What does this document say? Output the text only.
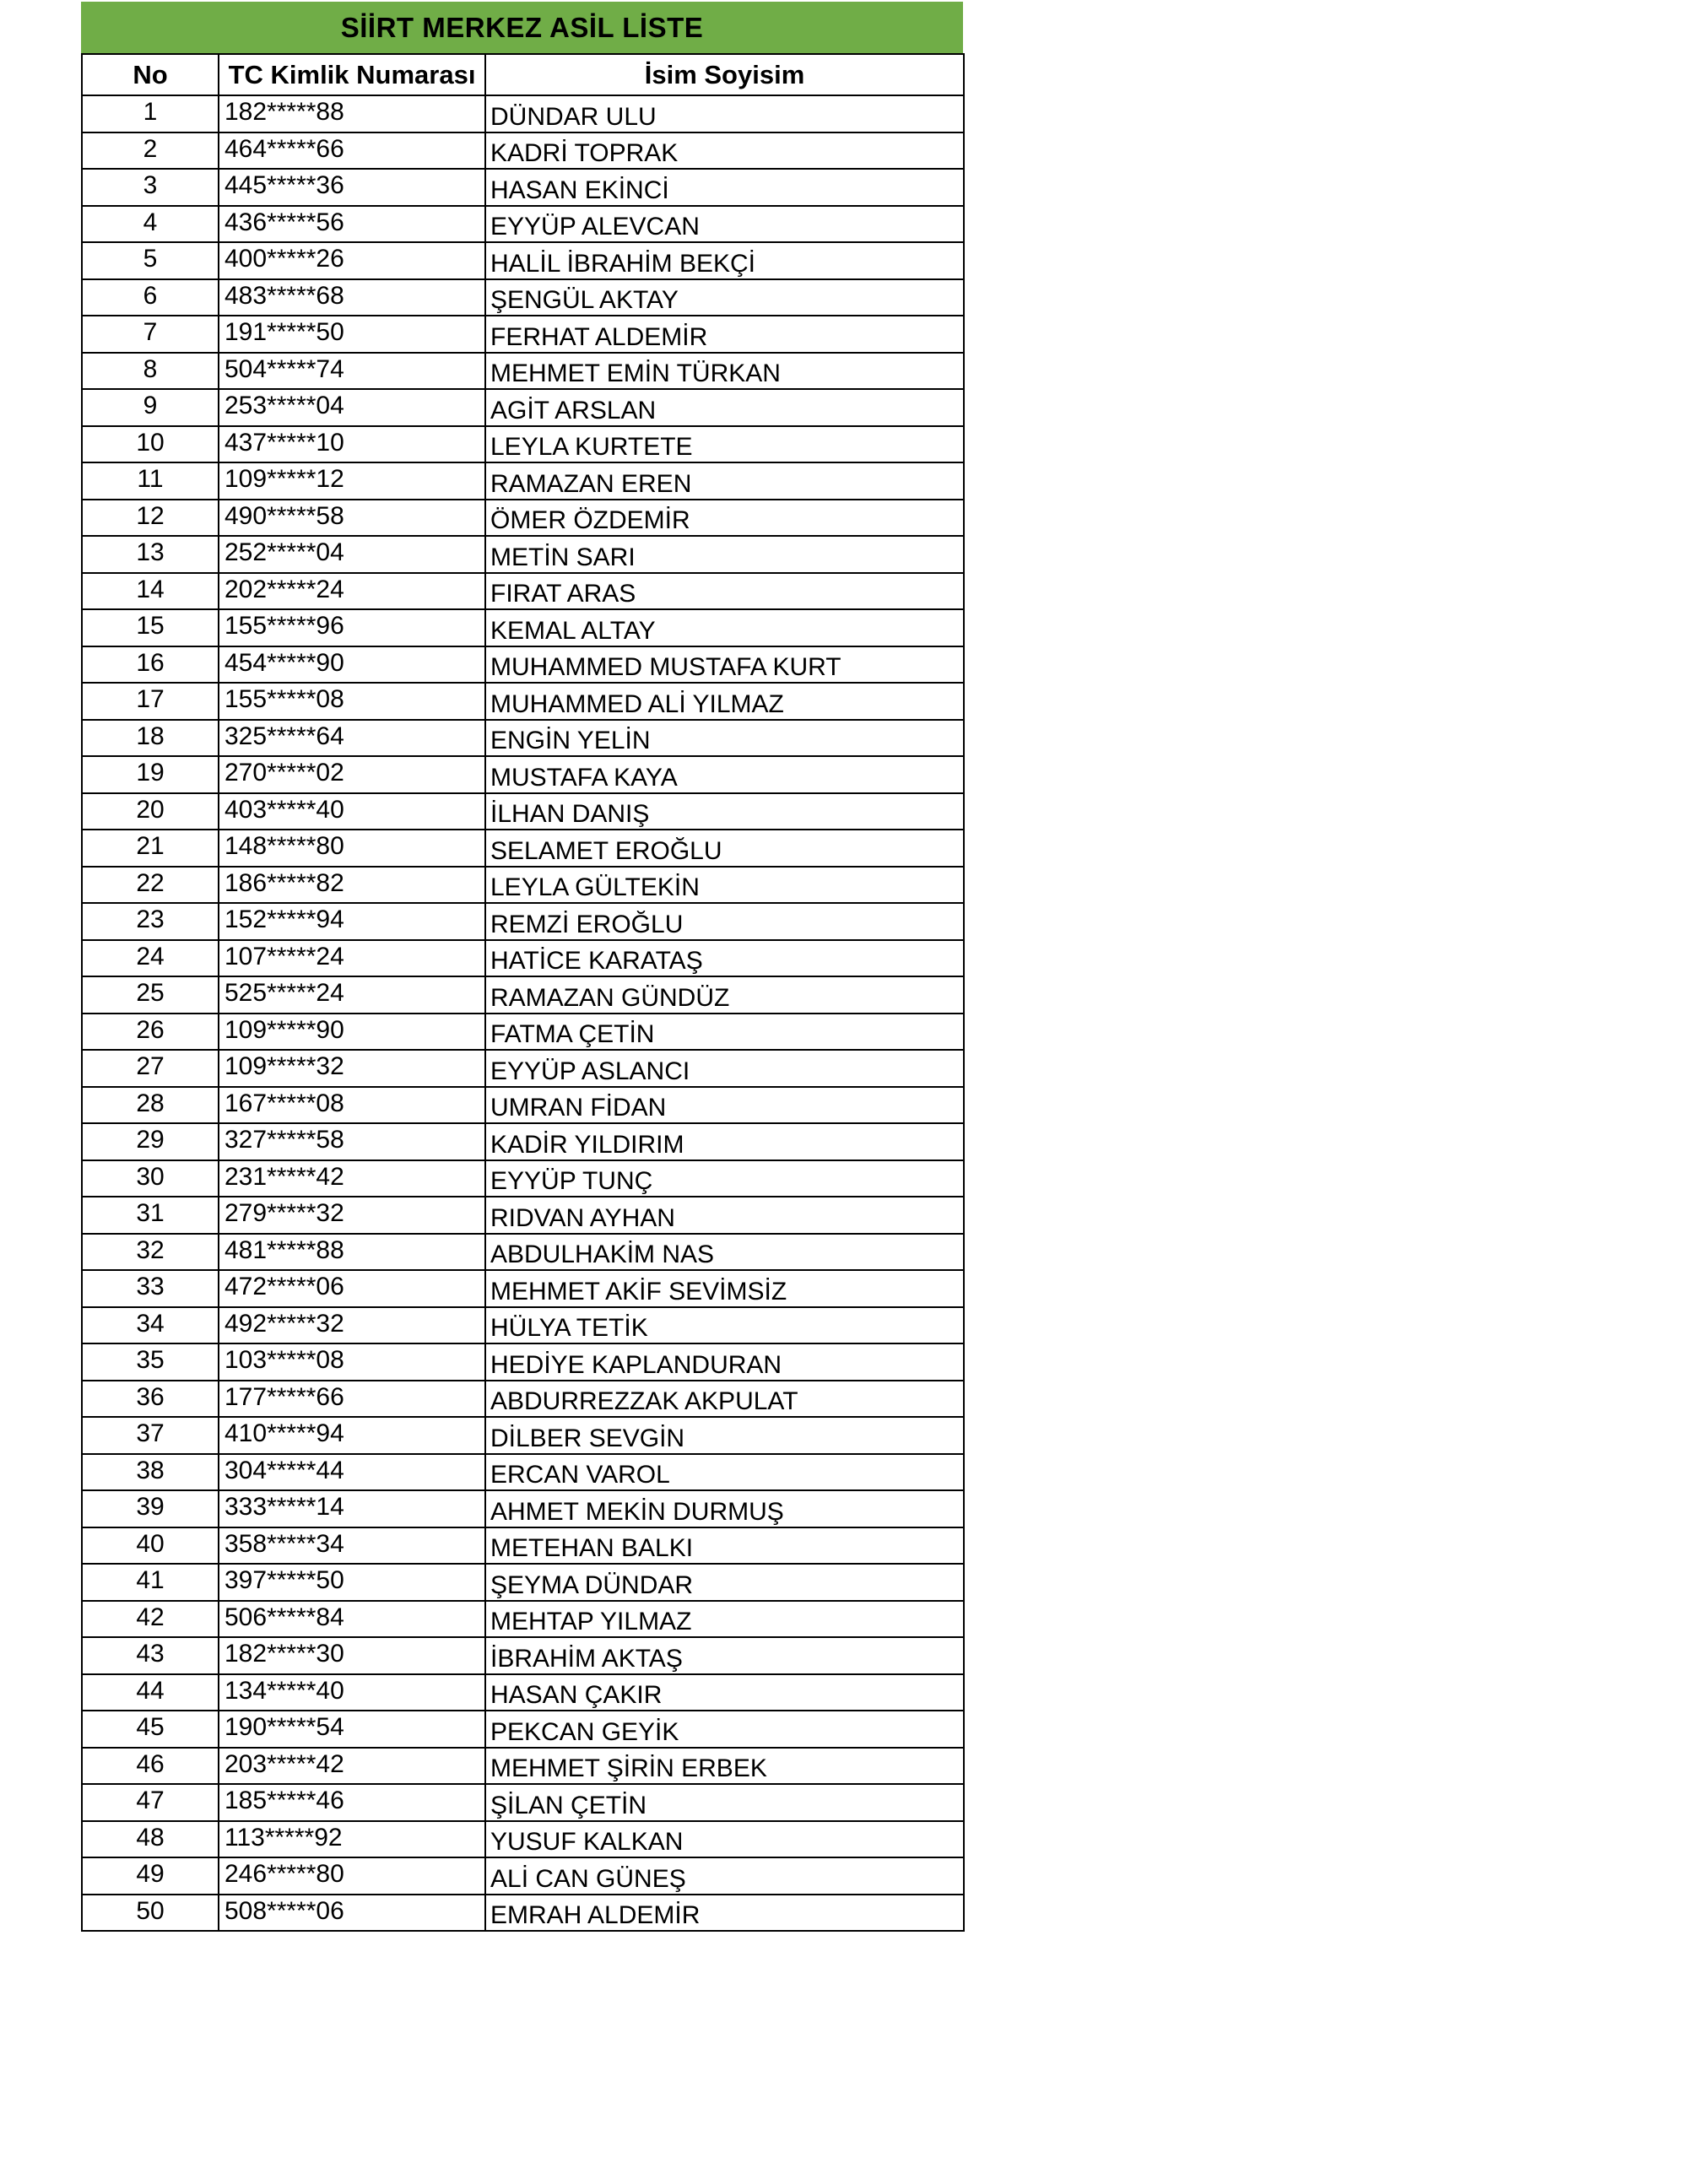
SİİRT MERKEZ ASİL LİSTE
No	TC Kimlik Numarası	İsim Soyisim
1	182*****88	DÜNDAR ULU
2	464*****66	KADRİ TOPRAK
3	445*****36	HASAN EKİNCİ
4	436*****56	EYYÜP ALEVCAN
5	400*****26	HALİL İBRAHİM BEKÇİ
6	483*****68	ŞENGÜL AKTAY
7	191*****50	FERHAT ALDEMİR
8	504*****74	MEHMET EMİN TÜRKAN
9	253*****04	AGİT ARSLAN
10	437*****10	LEYLA KURTETE
11	109*****12	RAMAZAN EREN
12	490*****58	ÖMER ÖZDEMİR
13	252*****04	METİN SARI
14	202*****24	FIRAT ARAS
15	155*****96	KEMAL ALTAY
16	454*****90	MUHAMMED MUSTAFA KURT
17	155*****08	MUHAMMED ALİ YILMAZ
18	325*****64	ENGİN YELİN
19	270*****02	MUSTAFA KAYA
20	403*****40	İLHAN DANIŞ
21	148*****80	SELAMET EROĞLU
22	186*****82	LEYLA GÜLTEKİN
23	152*****94	REMZİ EROĞLU
24	107*****24	HATİCE KARATAŞ
25	525*****24	RAMAZAN GÜNDÜZ
26	109*****90	FATMA ÇETİN
27	109*****32	EYYÜP ASLANCI
28	167*****08	UMRAN FİDAN
29	327*****58	KADİR YILDIRIM
30	231*****42	EYYÜP TUNÇ
31	279*****32	RIDVAN AYHAN
32	481*****88	ABDULHAKİM NAS
33	472*****06	MEHMET AKİF SEVİMSİZ
34	492*****32	HÜLYA TETİK
35	103*****08	HEDİYE KAPLANDURAN
36	177*****66	ABDURREZZAK AKPULAT
37	410*****94	DİLBER SEVGİN
38	304*****44	ERCAN VAROL
39	333*****14	AHMET MEKİN DURMUŞ
40	358*****34	METEHAN BALKI
41	397*****50	ŞEYMA DÜNDAR
42	506*****84	MEHTAP YILMAZ
43	182*****30	İBRAHİM AKTAŞ
44	134*****40	HASAN ÇAKIR
45	190*****54	PEKCAN GEYİK
46	203*****42	MEHMET ŞİRİN ERBEK
47	185*****46	ŞİLAN ÇETİN
48	113*****92	YUSUF KALKAN
49	246*****80	ALİ CAN GÜNEŞ
50	508*****06	EMRAH ALDEMİR
